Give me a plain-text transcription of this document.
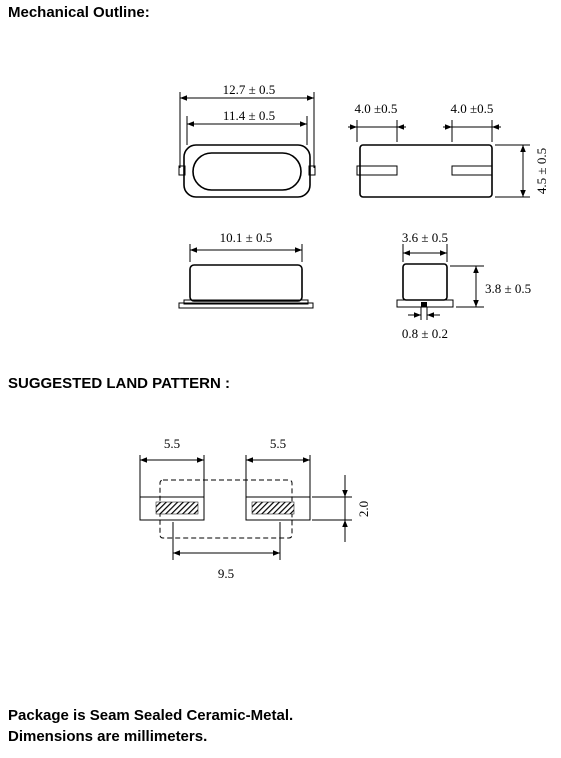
Mechanical Outline:
12.7 ± 0.5
11.4 ± 0.5	4.0 ±0.5	4.0 ±0.5
4.5 ± 0.5
10.1 ± 0.5	3.6 ± 0.5
3.8 ± 0.5
0.8 ± 0.2
5.5	5.5
2.0
9.5
SUGGESTED LAND PATTERN :
Package is Seam Sealed Ceramic-Metal.
Dimensions are millimeters.
